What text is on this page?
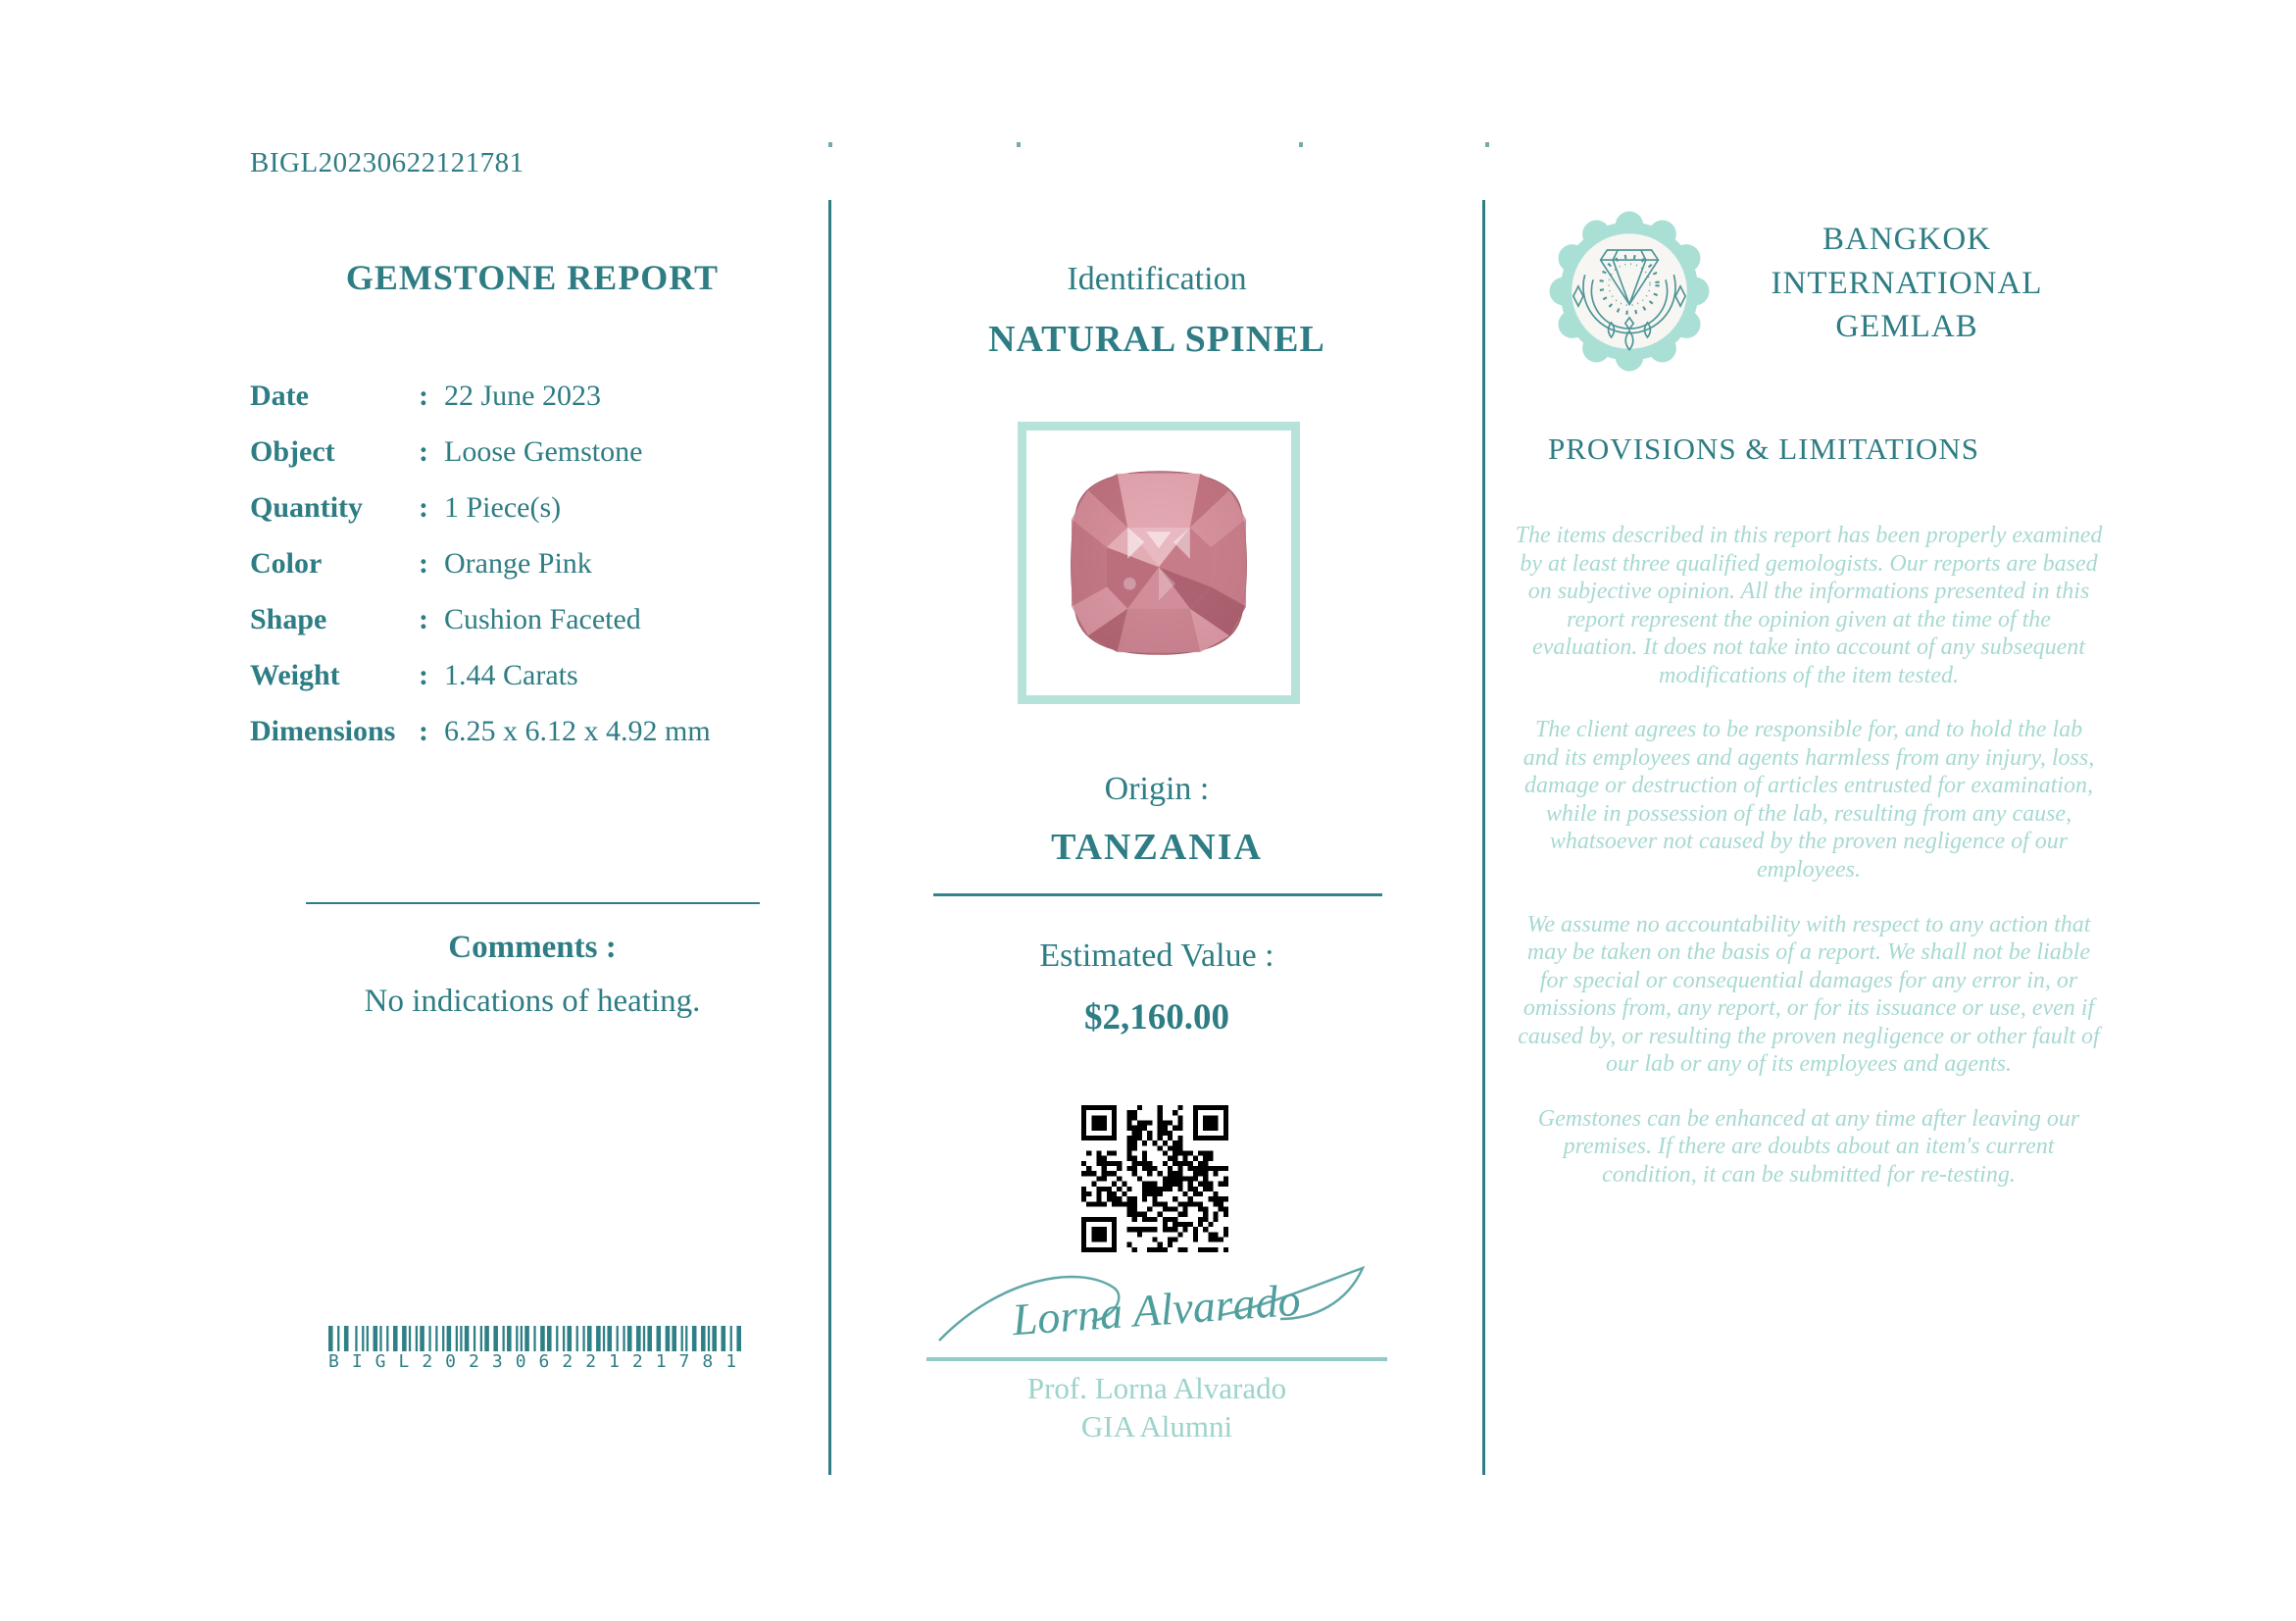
BIGL20230622121781
GEMSTONE REPORT
Date	: 22 June 2023
Object	: Loose Gemstone
Quantity	: 1 Piece(s)
Color	: Orange Pink
Shape	: Cushion Faceted
Weight	: 1.44 Carats
Dimensions : 6.25 x 6.12 x 4.92 mm
Comments :
No indications of heating.
BIGL20230622121781
Identification
NATURAL SPINEL
Origin :
TANZANIA
Estimated Value :
$2,160.00
Lorna Alvarado
Prof. Lorna Alvarado
GIA Alumni
BANGKOK
INTERNATIONAL
GEMLAB
PROVISIONS & LIMITATIONS

The items described in this report has been properly examined by at least three qualified gemologists. Our reports are based on subjective opinion. All the informations presented in this report represent the opinion given at the time of the evaluation. It does not take into account of any subsequent modifications of the item tested.

The client agrees to be responsible for, and to hold the lab and its employees and agents harmless from any injury, loss, damage or destruction of articles entrusted for examination, while in possession of the lab, resulting from any cause, whatsoever not caused by the proven negligence of our employees.

We assume no accountability with respect to any action that may be taken on the basis of a report. We shall not be liable for special or consequential damages for any error in, or omissions from, any report, or for its issuance or use, even if caused by, or resulting the proven negligence or other fault of our lab or any of its employees and agents.

Gemstones can be enhanced at any time after leaving our premises. If there are doubts about an item's current condition, it can be submitted for re-testing.
